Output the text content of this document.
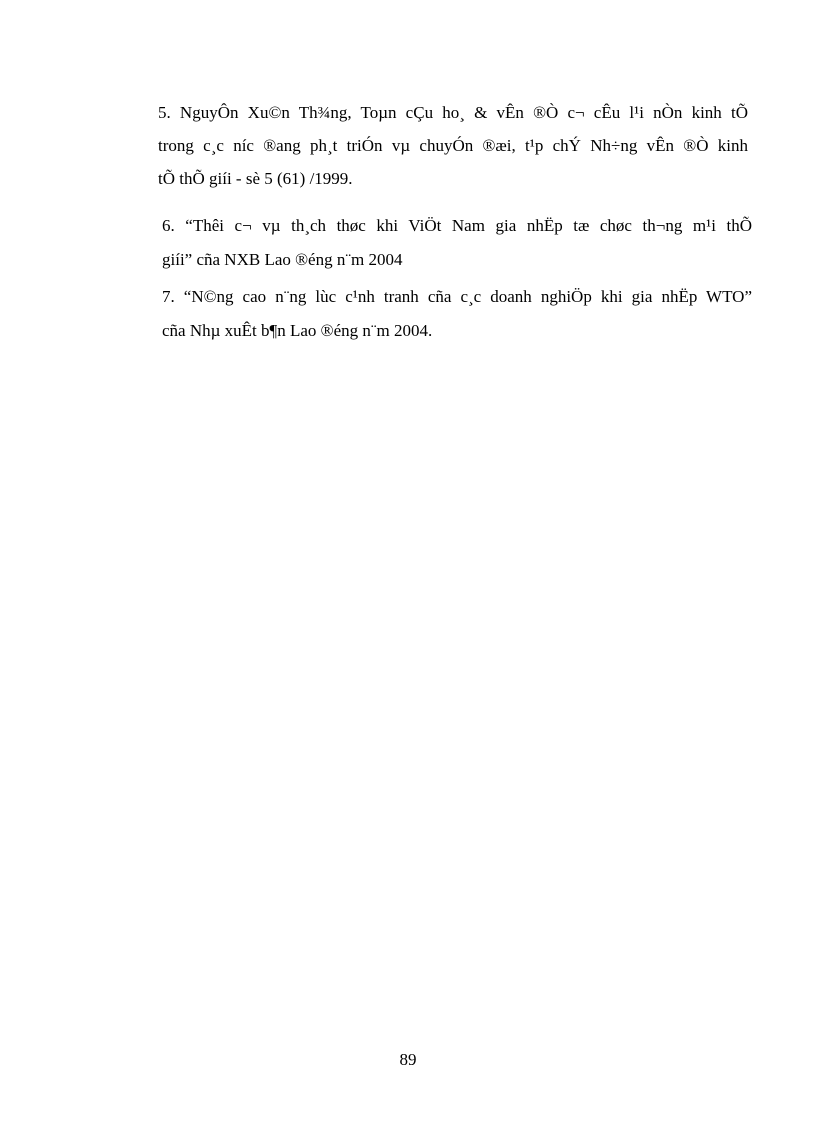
5. NguyÔn Xu©n Th¾ng, Toµn cÇu ho¸ & vÊn ®Ò c¬ cÊu l¹i nÒn kinh tÕ
trong c¸c níc ®ang ph¸t triÓn vµ chuyÓn ®æi, t¹p chÝ Nh÷ng vÊn ®Ò kinh
tÕ thÕ giíi - sè 5 (61) /1999.
6. “Thêi c¬ vµ th¸ch thøc khi ViÖt Nam gia nhËp tæ chøc th¬ng m¹i thÕ
giíi” cña NXB Lao ®éng n¨m 2004
7. “N©ng cao n¨ng lùc c¹nh tranh cña c¸c doanh nghiÖp khi gia nhËp WTO”
cña Nhµ xuÊt b¶n Lao ®éng n¨m 2004.
89
